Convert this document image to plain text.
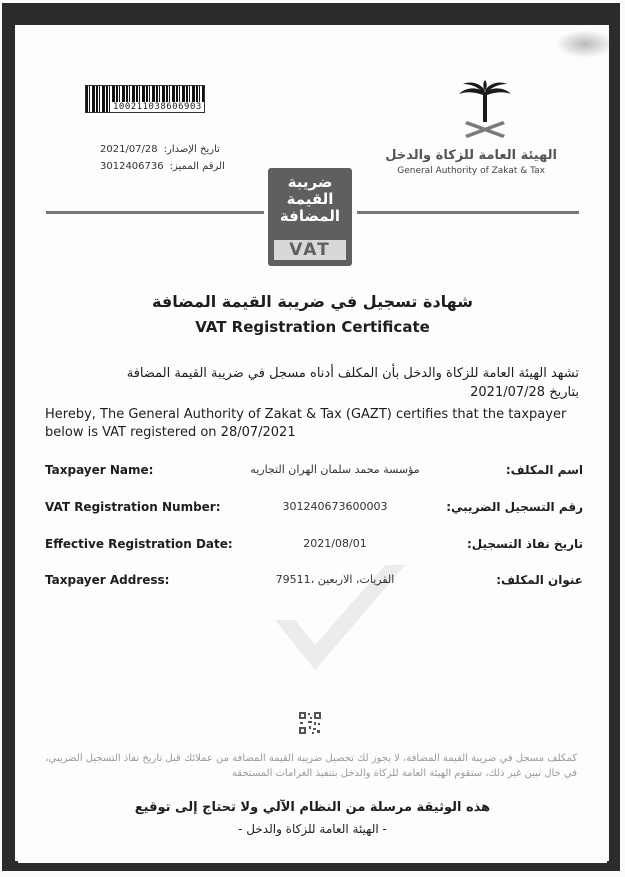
100211038606903
2021/07/28 تاريخ الإصدار:
3012406736 الرقم المميز:
الهيئة العامة للزكاة والدخل
General Authority of Zakat & Tax
ضريبة
القيمة
المضافة
VAT
شهادة تسجيل في ضريبة القيمة المضافة
VAT Registration Certificate
تشهد الهيئة العامة للزكاة والدخل بأن المكلف أدناه مسجل في ضريبة القيمة المضافة
بتاريخ 2021/07/28
Hereby, The General Authority of Zakat & Tax (GAZT) certifies that the taxpayer below is VAT registered on 28/07/2021
Taxpayer Name:	مؤسسة محمد سلمان الهران التجاريه	اسم المكلف:
VAT Registration Number:	301240673600003	رقم التسجيل الضريبي:
Effective Registration Date:	2021/08/01	تاريخ نفاذ التسجيل:
Taxpayer Address:	القريات، الاربعين ،79511	عنوان المكلف:
كمكلف مسجل في ضريبة القيمة المضافة، لا يجوز لك تحصيل ضريبة القيمة المضافة من عملائك قبل تاريخ نفاذ التسجيل الضريبي، في حال تبين غير ذلك، ستقوم الهيئة العامة للزكاة والدخل بتنفيذ الغرامات المستحقة
هذه الوثيقة مرسلة من النظام الآلي ولا تحتاج إلى توقيع
- الهيئة العامة للزكاة والدخل -
